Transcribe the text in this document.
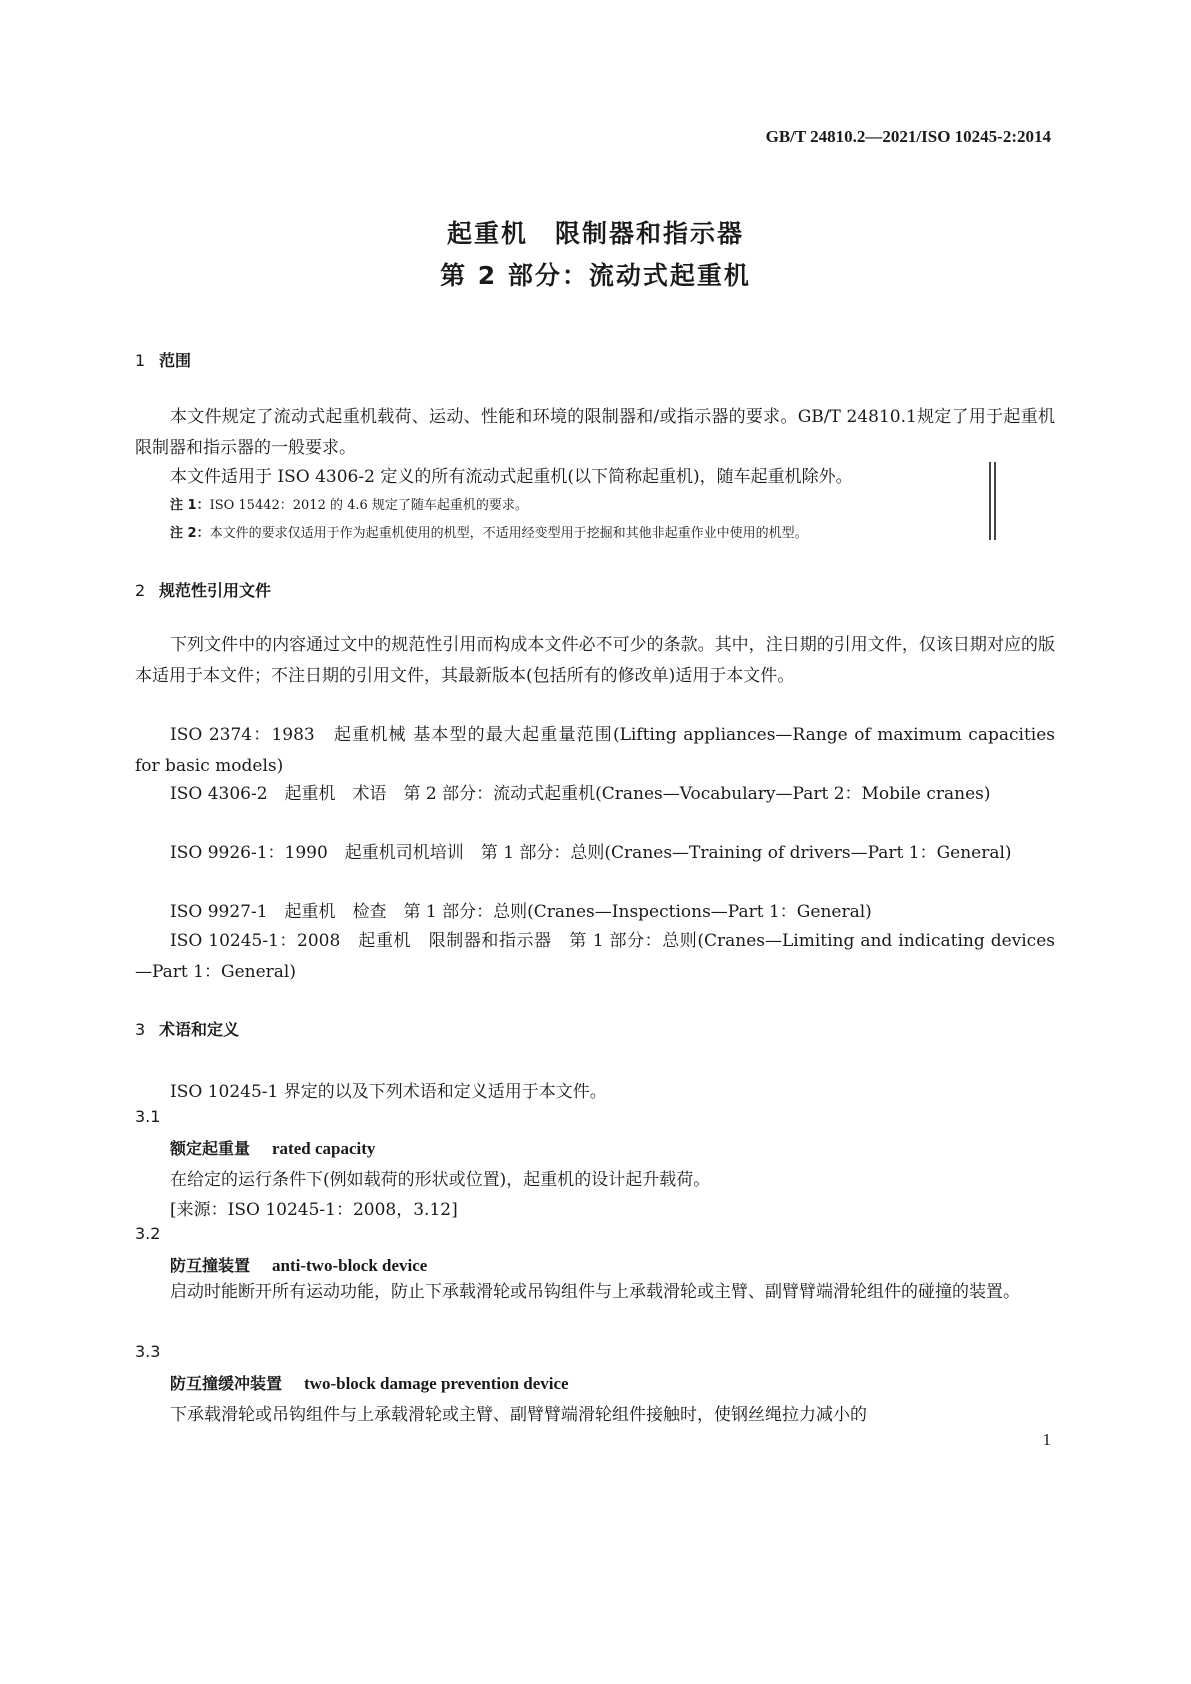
GB/T 24810.2—2021/ISO 10245-2:2014
起重机　限制器和指示器
第 2 部分：流动式起重机
1 范围
本文件规定了流动式起重机载荷、运动、性能和环境的限制器和/或指示器的要求。GB/T 24810.1规定了用于起重机限制器和指示器的一般要求。
本文件适用于 ISO 4306-2 定义的所有流动式起重机(以下简称起重机)，随车起重机除外。
注 1：ISO 15442：2012 的 4.6 规定了随车起重机的要求。
注 2：本文件的要求仅适用于作为起重机使用的机型，不适用经变型用于挖掘和其他非起重作业中使用的机型。
2 规范性引用文件
下列文件中的内容通过文中的规范性引用而构成本文件必不可少的条款。其中，注日期的引用文件，仅该日期对应的版本适用于本文件；不注日期的引用文件，其最新版本(包括所有的修改单)适用于本文件。
ISO 2374：1983　起重机械 基本型的最大起重量范围(Lifting appliances—Range of maximum capacities for basic models)
ISO 4306-2　起重机　术语　第 2 部分：流动式起重机(Cranes—Vocabulary—Part 2：Mobile cranes)
ISO 9926-1：1990　起重机司机培训　第 1 部分：总则(Cranes—Training of drivers—Part 1：General)
ISO 9927-1　起重机　检查　第 1 部分：总则(Cranes—Inspections—Part 1：General)
ISO 10245-1：2008　起重机　限制器和指示器　第 1 部分：总则(Cranes—Limiting and indicating devices—Part 1：General)
3 术语和定义
ISO 10245-1 界定的以及下列术语和定义适用于本文件。
3.1
额定起重量 rated capacity
在给定的运行条件下(例如载荷的形状或位置)，起重机的设计起升载荷。
[来源：ISO 10245-1：2008，3.12]
3.2
防互撞装置 anti-two-block device
启动时能断开所有运动功能，防止下承载滑轮或吊钩组件与上承载滑轮或主臂、副臂臂端滑轮组件的碰撞的装置。
3.3
防互撞缓冲装置 two-block damage prevention device
下承载滑轮或吊钩组件与上承载滑轮或主臂、副臂臂端滑轮组件接触时，使钢丝绳拉力减小的
1
